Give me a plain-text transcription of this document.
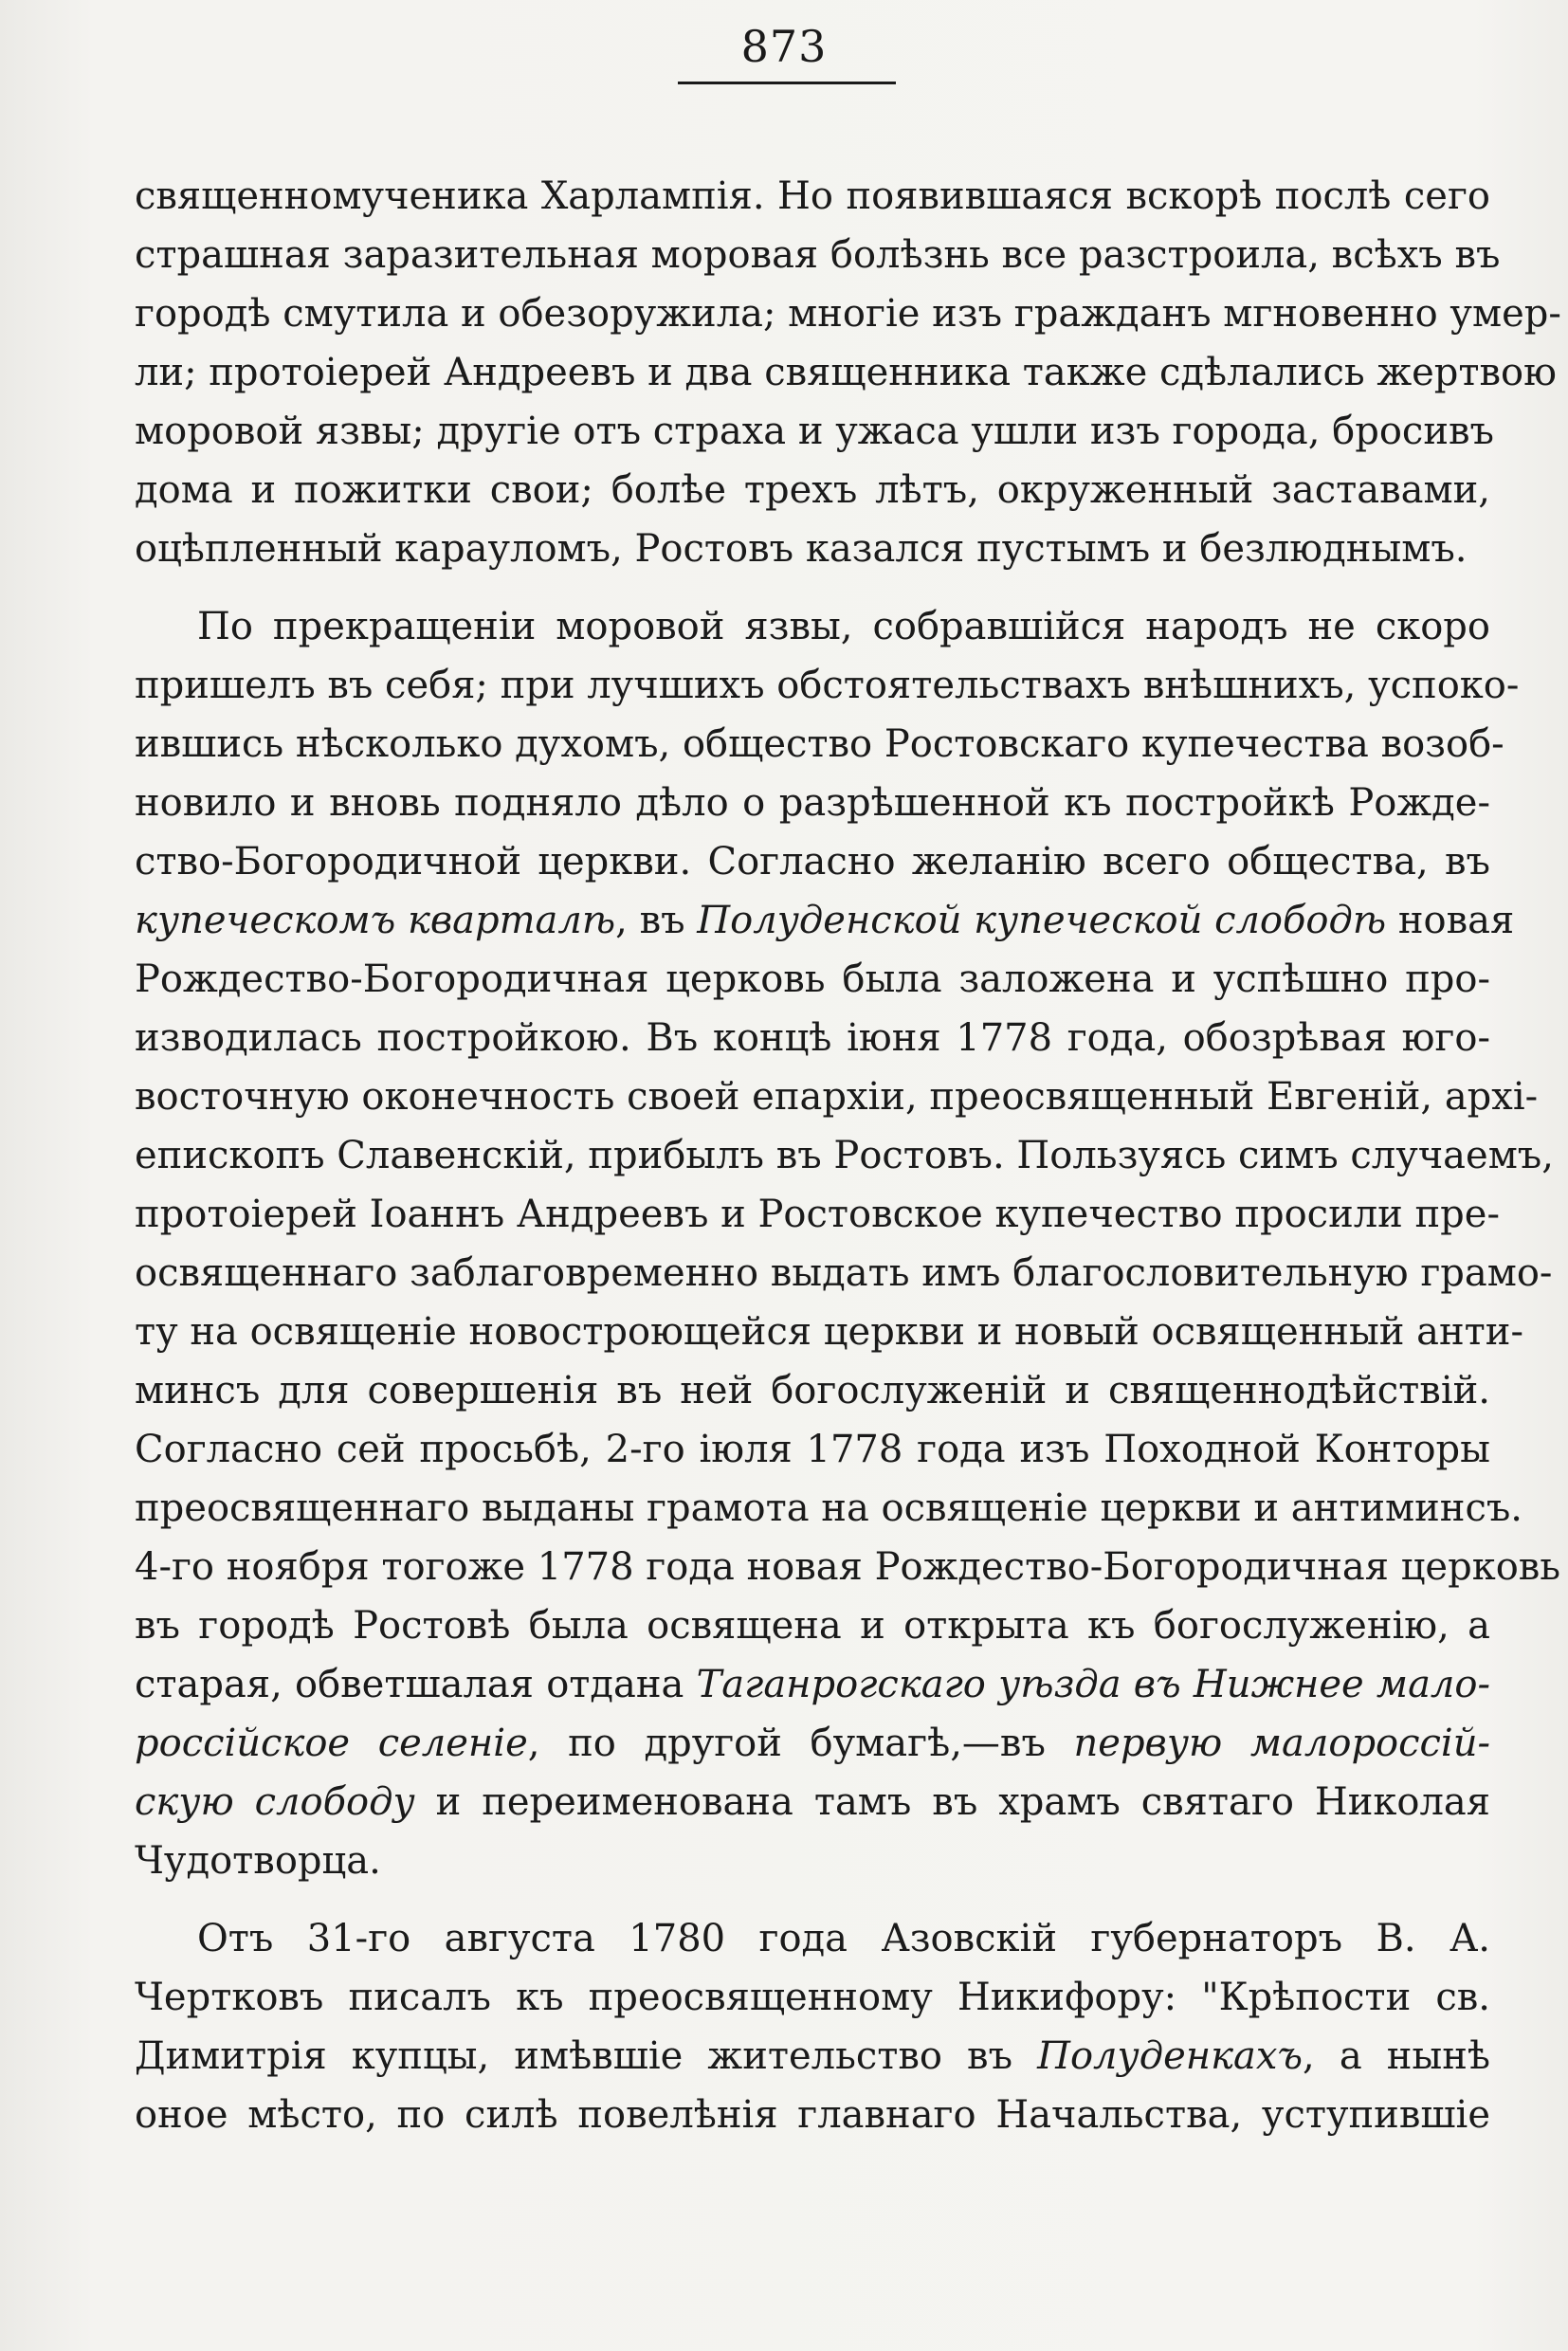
873
священномученика Харлампія. Но появившаяся вскорѣ послѣ сего
страшная заразительная моровая болѣзнь все разстроила, всѣхъ въ
городѣ смутила и обезоружила; многіе изъ гражданъ мгновенно умер-
ли; протоіерей Андреевъ и два священника также сдѣлались жертвою
моровой язвы; другіе отъ страха и ужаса ушли изъ города, бросивъ
дома и пожитки свои; болѣе трехъ лѣтъ, окруженный заставами,
оцѣпленный карауломъ, Ростовъ казался пустымъ и безлюднымъ.
По прекращеніи моровой язвы, собравшійся народъ не скоро
пришелъ въ себя; при лучшихъ обстоятельствахъ внѣшнихъ, успоко-
ившись нѣсколько духомъ, общество Ростовскаго купечества возоб-
новило и вновь подняло дѣло о разрѣшенной къ постройкѣ Рожде-
ство-Богородичной церкви. Согласно желанію всего общества, въ
купеческомъ кварталѣ, въ Полуденской купеческой слободѣ новая
Рождество-Богородичная церковь была заложена и успѣшно про-
изводилась постройкою. Въ концѣ іюня 1778 года, обозрѣвая юго-
восточную оконечность своей епархіи, преосвященный Евгеній, архі-
епископъ Славенскій, прибылъ въ Ростовъ. Пользуясь симъ случаемъ,
протоіерей Іоаннъ Андреевъ и Ростовское купечество просили пре-
освященнаго заблаговременно выдать имъ благословительную грамо-
ту на освященіе новостроющейся церкви и новый освященный анти-
минсъ для совершенія въ ней богослуженій и священнодѣйствій.
Согласно сей просьбѣ, 2-го іюля 1778 года изъ Походной Конторы
преосвященнаго выданы грамота на освященіе церкви и антиминсъ.
4-го ноября тогоже 1778 года новая Рождество-Богородичная церковь
въ городѣ Ростовѣ была освящена и открыта къ богослуженію, а
старая, обветшалая отдана Таганрогскаго уѣзда въ Нижнее мало-
россійское селеніе, по другой бумагѣ,—въ первую малороссій-
скую слободу и переименована тамъ въ храмъ святаго Николая
Чудотворца.
Отъ 31-го августа 1780 года Азовскій губернаторъ В. А.
Чертковъ писалъ къ преосвященному Никифору: "Крѣпости св.
Димитрія купцы, имѣвшіе жительство въ Полуденкахъ, а нынѣ
оное мѣсто, по силѣ повелѣнія главнаго Начальства, уступившіе
